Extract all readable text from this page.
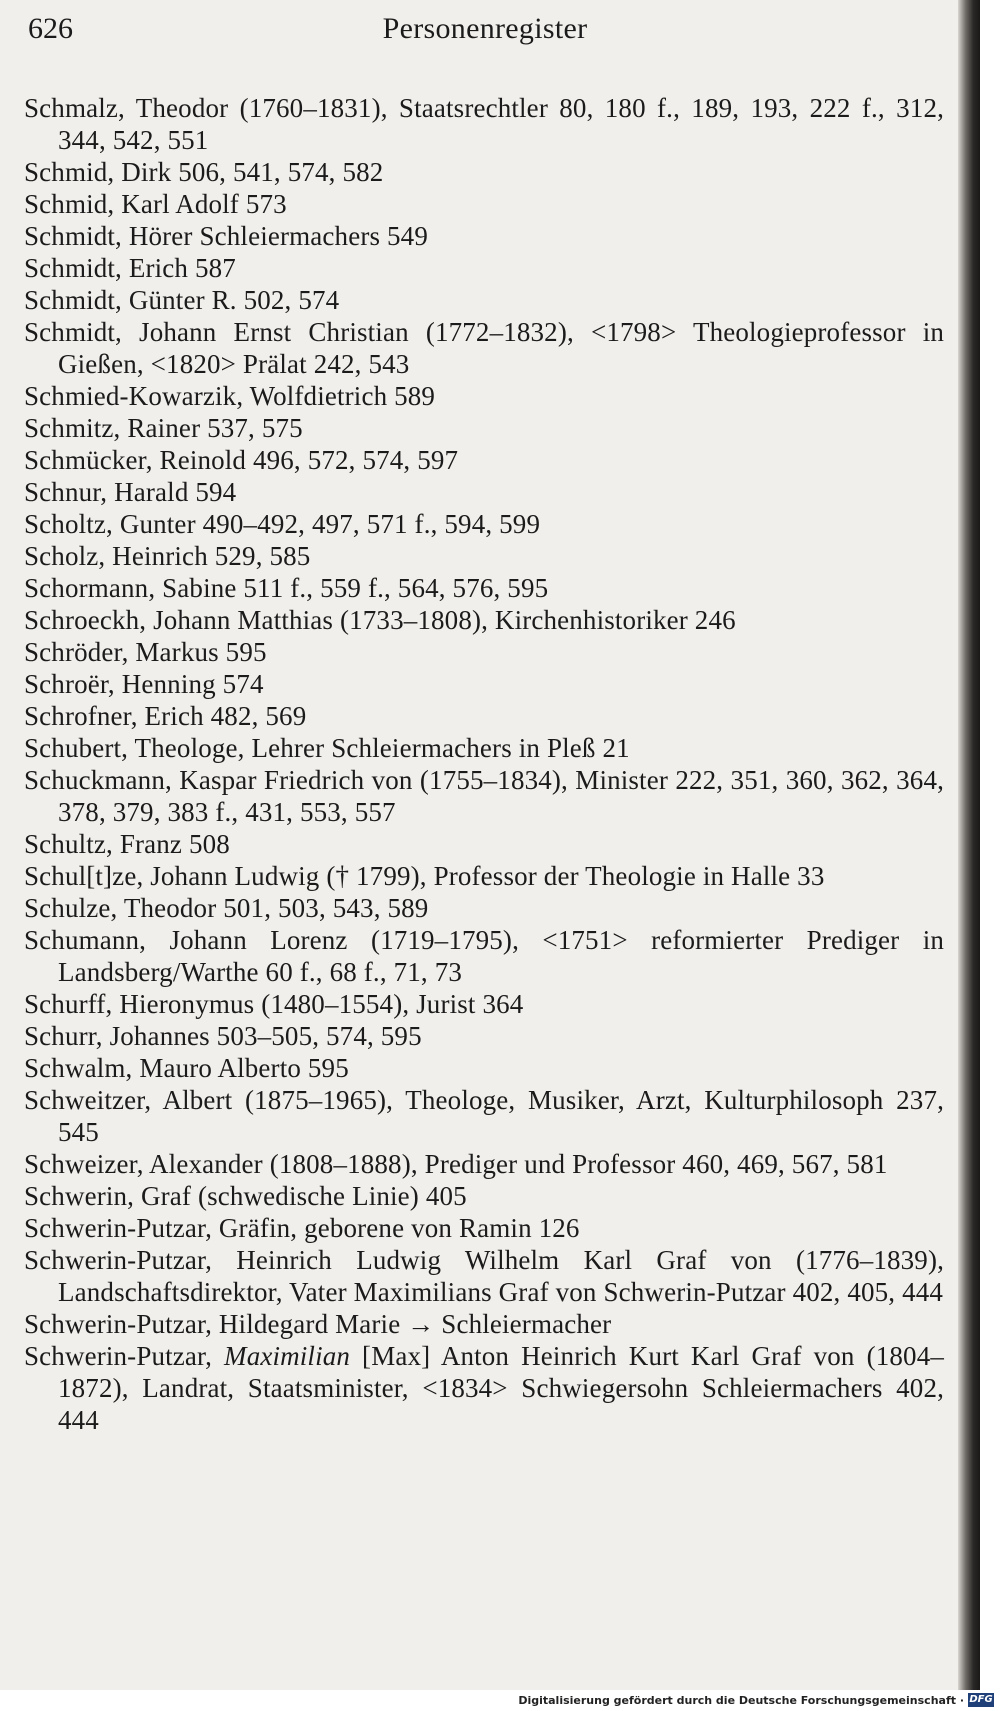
626	Personenregister
Schmalz, Theodor (1760–1831), Staatsrechtler 80, 180 f., 189, 193, 222 f., 312, 344, 542, 551
Schmid, Dirk 506, 541, 574, 582
Schmid, Karl Adolf 573
Schmidt, Hörer Schleiermachers 549
Schmidt, Erich 587
Schmidt, Günter R. 502, 574
Schmidt, Johann Ernst Christian (1772–1832), <1798> Theologieprofessor in Gießen, <1820> Prälat 242, 543
Schmied-Kowarzik, Wolfdietrich 589
Schmitz, Rainer 537, 575
Schmücker, Reinold 496, 572, 574, 597
Schnur, Harald 594
Scholtz, Gunter 490–492, 497, 571 f., 594, 599
Scholz, Heinrich 529, 585
Schormann, Sabine 511 f., 559 f., 564, 576, 595
Schroeckh, Johann Matthias (1733–1808), Kirchenhistoriker 246
Schröder, Markus 595
Schroër, Henning 574
Schrofner, Erich 482, 569
Schubert, Theologe, Lehrer Schleiermachers in Pleß 21
Schuckmann, Kaspar Friedrich von (1755–1834), Minister 222, 351, 360, 362, 364, 378, 379, 383 f., 431, 553, 557
Schultz, Franz 508
Schul[t]ze, Johann Ludwig († 1799), Professor der Theologie in Halle 33
Schulze, Theodor 501, 503, 543, 589
Schumann, Johann Lorenz (1719–1795), <1751> reformierter Prediger in Landsberg/Warthe 60 f., 68 f., 71, 73
Schurff, Hieronymus (1480–1554), Jurist 364
Schurr, Johannes 503–505, 574, 595
Schwalm, Mauro Alberto 595
Schweitzer, Albert (1875–1965), Theologe, Musiker, Arzt, Kulturphilosoph 237, 545
Schweizer, Alexander (1808–1888), Prediger und Professor 460, 469, 567, 581
Schwerin, Graf (schwedische Linie) 405
Schwerin-Putzar, Gräfin, geborene von Ramin 126
Schwerin-Putzar, Heinrich Ludwig Wilhelm Karl Graf von (1776–1839), Landschaftsdirektor, Vater Maximilians Graf von Schwerin-Putzar 402, 405, 444
Schwerin-Putzar, Hildegard Marie → Schleiermacher
Schwerin-Putzar, Maximilian [Max] Anton Heinrich Kurt Karl Graf von (1804–1872), Landrat, Staatsminister, <1834> Schwiegersohn Schleiermachers 402, 444
Digitalisierung gefördert durch die Deutsche Forschungsgemeinschaft · DFG
